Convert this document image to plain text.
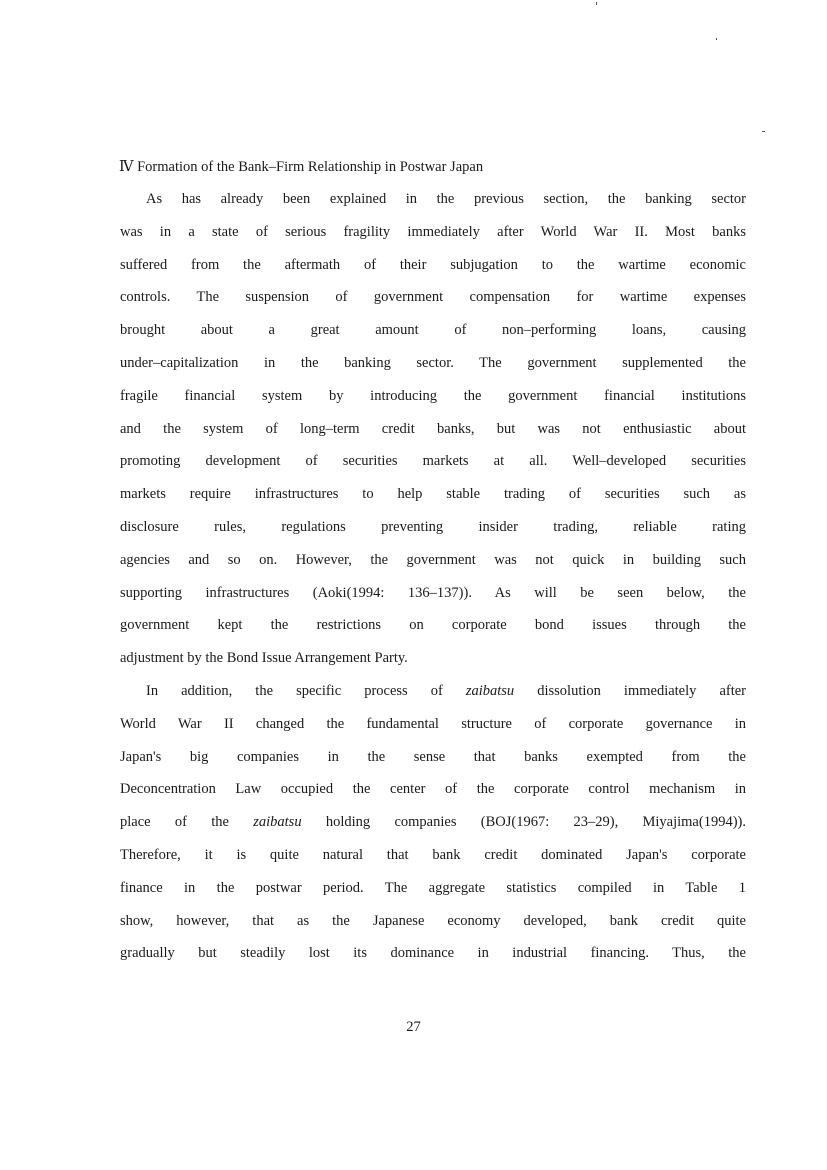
Ⅳ Formation of the Bank–Firm Relationship in Postwar Japan
As has already been explained in the previous section, the banking sector
was in a state of serious fragility immediately after World War II. Most banks
suffered from the aftermath of their subjugation to the wartime economic
controls. The suspension of government compensation for wartime expenses
brought about a great amount of non–performing loans, causing
under–capitalization in the banking sector. The government supplemented the
fragile financial system by introducing the government financial institutions
and the system of long–term credit banks, but was not enthusiastic about
promoting development of securities markets at all. Well–developed securities
markets require infrastructures to help stable trading of securities such as
disclosure rules, regulations preventing insider trading, reliable rating
agencies and so on. However, the government was not quick in building such
supporting infrastructures (Aoki(1994: 136–137)). As will be seen below, the
government kept the restrictions on corporate bond issues through the
adjustment by the Bond Issue Arrangement Party.
In addition, the specific process of zaibatsu dissolution immediately after
World War II changed the fundamental structure of corporate governance in
Japan's big companies in the sense that banks exempted from the
Deconcentration Law occupied the center of the corporate control mechanism in
place of the zaibatsu holding companies (BOJ(1967: 23–29), Miyajima(1994)).
Therefore, it is quite natural that bank credit dominated Japan's corporate
finance in the postwar period. The aggregate statistics compiled in Table 1
show, however, that as the Japanese economy developed, bank credit quite
gradually but steadily lost its dominance in industrial financing. Thus, the
27
